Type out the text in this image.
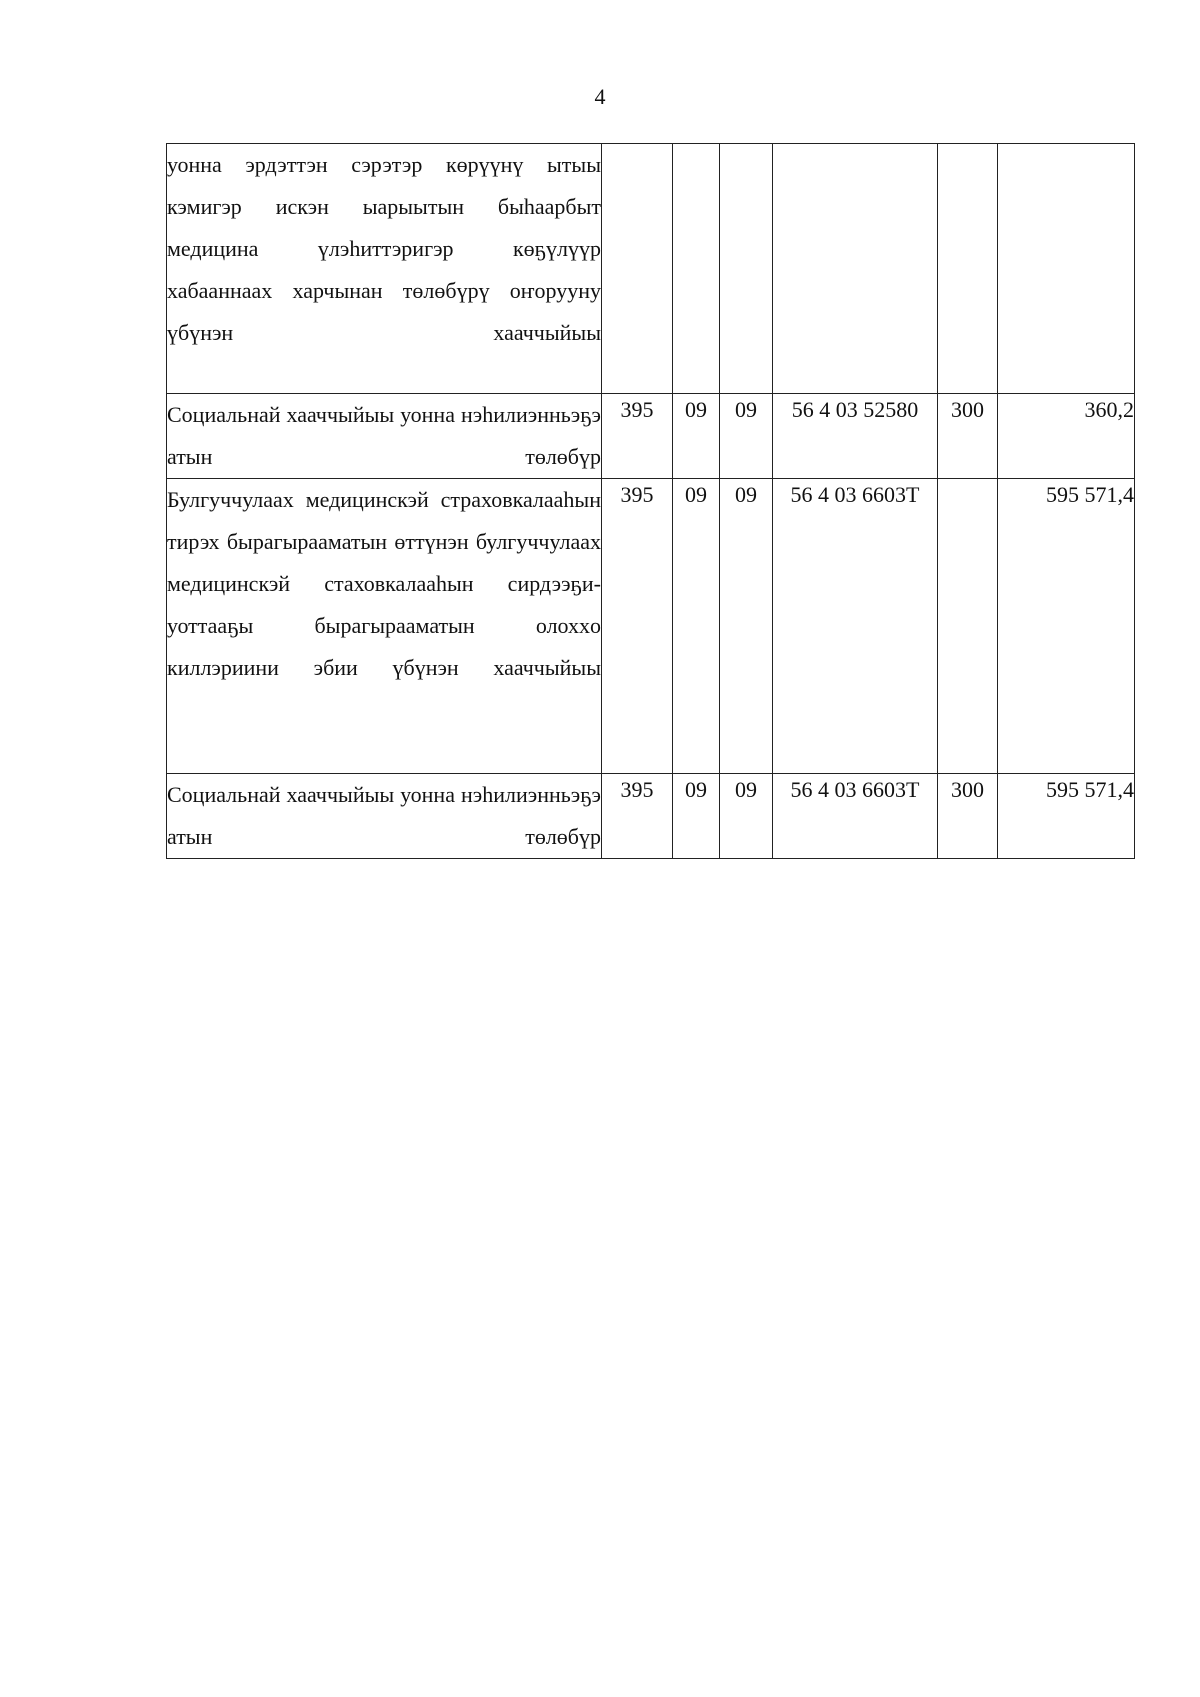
4
уонна эрдэттэн сэрэтэр көрүүнү ытыы кэмигэр искэн ыарыытын быhaарбыт медицина үлэhиттэригэр көҕүлүүр хабааннаах харчынан төлөбүрү оҥорууну үбүнэн хааччыйыы						
Социальнай хааччыйыы уонна нэhилиэнньэҕэ атын төлөбүр	395	09	09	56 4 03 52580	300	360,2
Булгуччулаах медицинскэй страховкалааhын тирэх бырагырааматын өттүнэн булгуччулаах медицинскэй стаховкалааhын сирдээҕи-уоттааҕы бырагырааматын олохxo киллэриини эбии үбүнэн хааччыйыы	395	09	09	56 4 03 6603Т		595 571,4
Социальнай хааччыйыы уонна нэhилиэнньэҕэ атын төлөбүр	395	09	09	56 4 03 6603Т	300	595 571,4
